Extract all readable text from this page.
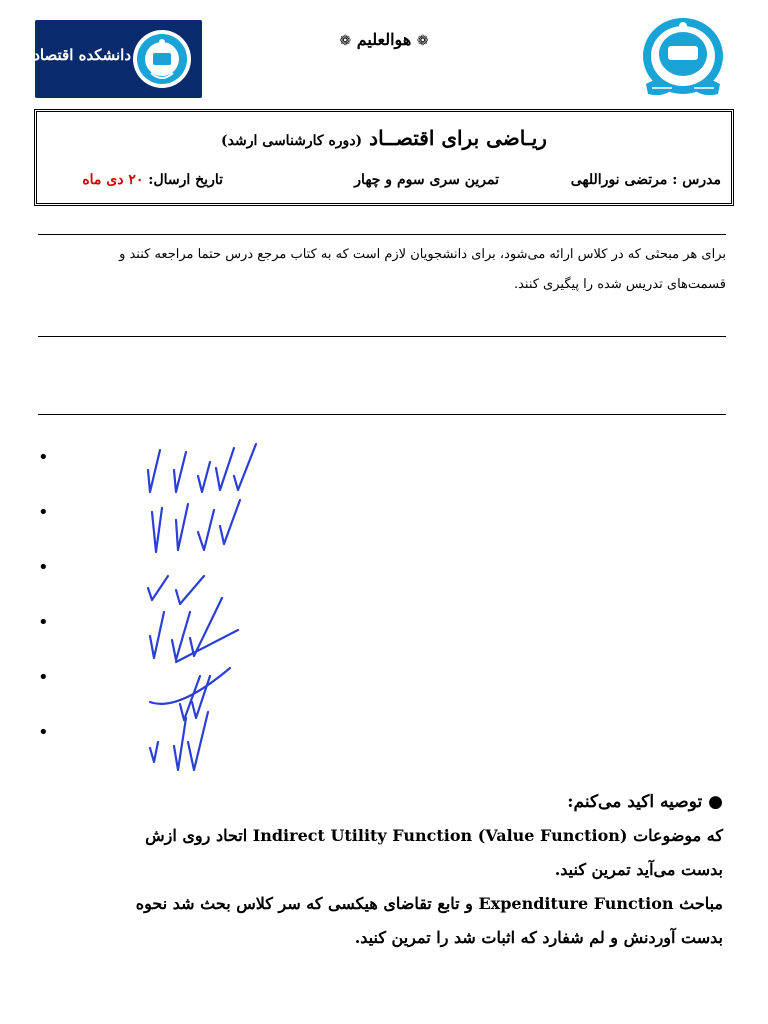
❁ هوالعليم ❁
دانشکده اقتصاد
ریـاضی برای اقتصــاد (دوره کارشناسی ارشد)
مدرس : مرتضی نوراللهی
تمرین سری سوم و چهار
تاریخ ارسال: ۲۰ دی ماه
برای هر مبحثی که در کلاس ارائه می‌شود، برای دانشجویان لازم است که به کتاب مرجع درس حتما مراجعه کنند و
قسمت‌های تدریس شده را پیگیری کنند.
•
•
•
•
•
•
● توصیه اکید می‌کنم:
که موضوعات Indirect Utility Function (Value Function) اتحاد روی ازش
بدست می‌آید تمرین کنید.
مباحث Expenditure Function و تابع تقاضای هیکسی که سر کلاس بحث شد نحوه
بدست آوردنش و لم شفارد که اثبات شد را تمرین کنید.
